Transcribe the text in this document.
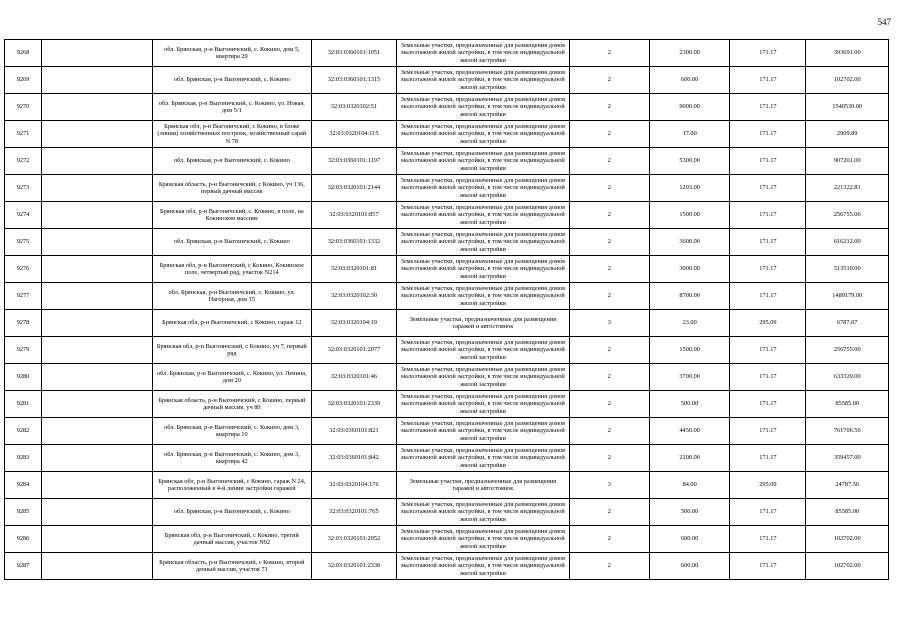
547
9268		обл. Брянская, р-н Выгоничский, с. Кокино, дом 5, квартира 29	32:03:0360101:1051	Земельные участки, предназначенные для размещения домов малоэтажной жилой застройки, в том числе индивидуальной жилой застройки	2	2300.00	171.17	393691.00
9269		обл. Брянская, р-н Выгоничский, с. Кокино	32:03:0360101:1315	Земельные участки, предназначенные для размещения домов малоэтажной жилой застройки, в том числе индивидуальной жилой застройки	2	600.00	171.17	102702.00
9270		обл. Брянская, р-н Выгоничский, с. Кокино, ул. Новая, дом 5/1	32:03:0320102:51	Земельные участки, предназначенные для размещения домов малоэтажной жилой застройки, в том числе индивидуальной жилой застройки	2	9000.00	171.17	1540530.00
9271		Брянская обл, р-н Выгоничский, с Кокино, в блоке (линии) хозяйственных построек, хозяйственный сарай N 78	32:03:0320104:115	Земельные участки, предназначенные для размещения домов малоэтажной жилой застройки, в том числе индивидуальной жилой застройки	2	17.00	171.17	2909.89
9272		обл. Брянская, р-н Выгоничский, с. Кокино	32:03:0360101:1197	Земельные участки, предназначенные для размещения домов малоэтажной жилой застройки, в том числе индивидуальной жилой застройки	2	5300.00	171.17	907201.00
9273		Брянская область, р-н Выгоничский, с Кокино, уч 136, первый дачный массив	32:03:0320101:2144	Земельные участки, предназначенные для размещения домов малоэтажной жилой застройки, в том числе индивидуальной жилой застройки	2	1293.00	171.17	221322.81
9274		Брянская обл, р-н Выгоничский, с. Кокино, в поле, на Кокинском массиве	32:03:0320101:857	Земельные участки, предназначенные для размещения домов малоэтажной жилой застройки, в том числе индивидуальной жилой застройки	2	1500.00	171.17	256755.00
9275		обл. Брянская, р-н Выгоничский, с. Кокино	32:03:0360101:1332	Земельные участки, предназначенные для размещения домов малоэтажной жилой застройки, в том числе индивидуальной жилой застройки	2	3600.00	171.17	616212.00
9276		Брянская обл, р-н Выгоничский, с Кокино, Кокинское поле, четвертый ряд, участок N214	32:03:0320101:81	Земельные участки, предназначенные для размещения домов малоэтажной жилой застройки, в том числе индивидуальной жилой застройки	2	3000.00	171.17	513510.00
9277		обл. Брянская, р-н Выгоничский, с. Кокино, ул. Нагорная, дом 15	32:03:0320102:30	Земельные участки, предназначенные для размещения домов малоэтажной жилой застройки, в том числе индивидуальной жилой застройки	2	8700.00	171.17	1489179.00
9278		Брянская обл, р-н Выгоничский, с Кокино, гараж 12	32:03:0320104:19	Земельные участки, предназначенные для размещения гаражей и автостоянок	3	23.00	295.09	6787.07
9279		Брянская обл, р-н Выгоничский, с Кокино, уч 7, первый ряд	32:03:0320101:2077	Земельные участки, предназначенные для размещения домов малоэтажной жилой застройки, в том числе индивидуальной жилой застройки	2	1500.00	171.17	256755.00
9280		обл. Брянская, р-н Выгоничский, с. Кокино, ул. Ленина, дом 20	32:03:0320101:46	Земельные участки, предназначенные для размещения домов малоэтажной жилой застройки, в том числе индивидуальной жилой застройки	2	3700.00	171.17	633329.00
9281		Брянская область, р-н Выгоничский, с Кокино, первый дачный массив, уч 80	32:03:0320101:2339	Земельные участки, предназначенные для размещения домов малоэтажной жилой застройки, в том числе индивидуальной жилой застройки	2	500.00	171.17	85585.00
9282		обл. Брянская, р-н Выгоничский, с. Кокино, дом 3, квартира 10	32:03:0360101:821	Земельные участки, предназначенные для размещения домов малоэтажной жилой застройки, в том числе индивидуальной жилой застройки	2	4450.00	171.17	761706.50
9283		обл. Брянская, р-н Выгоничский, с. Кокино, дом 3, квартира 42	32:03:0360101:842	Земельные участки, предназначенные для размещения домов малоэтажной жилой застройки, в том числе индивидуальной жилой застройки	2	2100.00	171.17	359457.00
9284		Брянская обл, р-н Выгоничский, с Кокино, гараж N 24, расположенный в 4-й линии застройки гаражей	32:03:0320104:176	Земельные участки, предназначенные для размещения гаражей и автостоянок	3	84.00	295.09	24787.56
9285		обл. Брянская, р-н Выгоничский, с. Кокино	32:03:0320101:765	Земельные участки, предназначенные для размещения домов малоэтажной жилой застройки, в том числе индивидуальной жилой застройки	2	500.00	171.17	85585.00
9286		Брянская обл, р-н Выгоничский, с Кокино, третий дачный массив, участок N92	32:03:0320101:2052	Земельные участки, предназначенные для размещения домов малоэтажной жилой застройки, в том числе индивидуальной жилой застройки	2	600.00	171.17	102702.00
9287		Брянская область, р-н Выгоничский, с Кокино, второй дачный массив, участок 71	32:03:0320101:2338	Земельные участки, предназначенные для размещения домов малоэтажной жилой застройки, в том числе индивидуальной жилой застройки	2	600.00	171.17	102702.00
